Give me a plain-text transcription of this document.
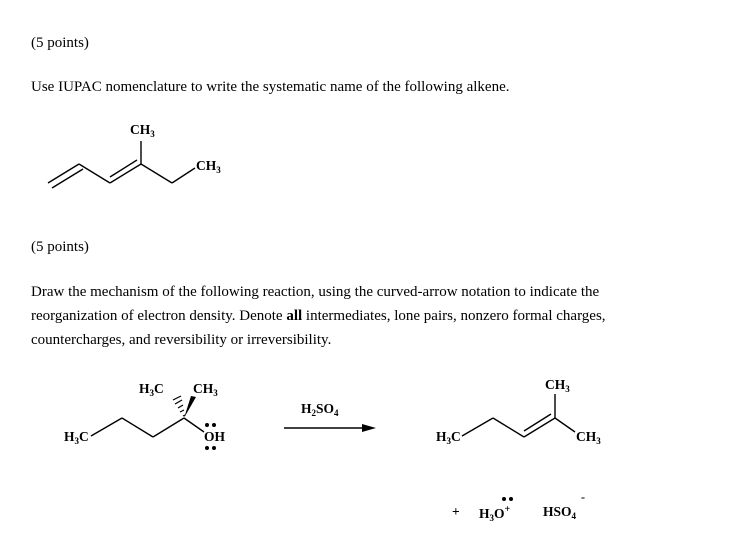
(5 points)
Use IUPAC nomenclature to write the systematic name of the following alkene.
$CH_3$
$CH_3$
(5 points)
Draw the mechanism of the following reaction, using the curved-arrow notation to indicate the
reorganization of electron density. Denote all intermediates, lone pairs, nonzero formal charges,
countercharges, and reversibility or irreversibility.
$H_3C$ $CH_3$
$H_3C$	OH
$H_2SO_4$
$CH_3$
$H_3C$	$CH_3$
+ $H_3O^+$ $HSO_4$
-
